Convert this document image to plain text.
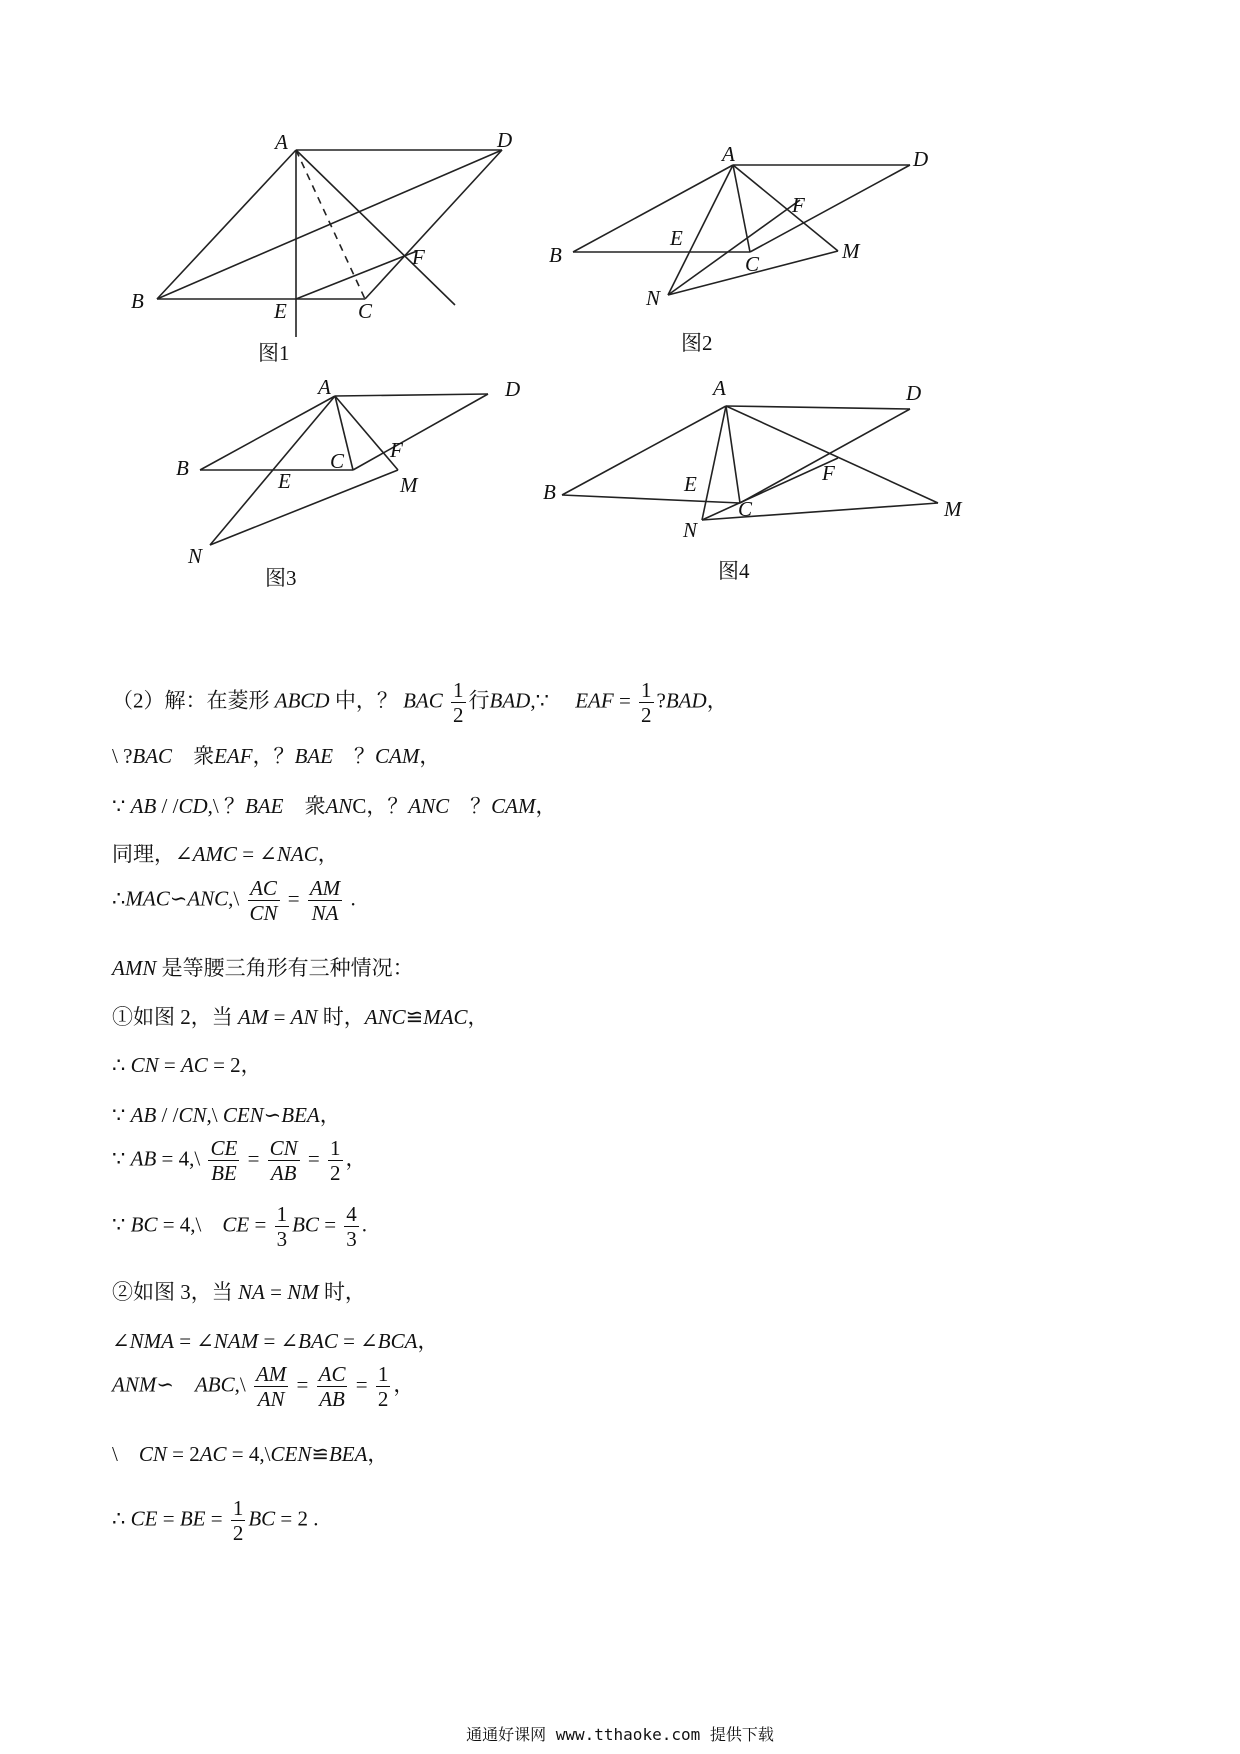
A	D
B	E	C
F
图1
A	D
B
E
F
C
M
N
图2
A	D
B	C F
E	M
N
图3
A	D
B	E	F
C	M
N
图4
（2）解：在菱形 ABCD 中，？ BAC $\frac{1}{2}$ 行BAD,∵　 EAF = $\frac{1}{2}$ ?BAD，
\ ?BAC　衆EAF，？BAE　？CAM，
∵ AB / /CD,\ ？BAE　衆ANC，？ANC　？CAM，
同理，∠AMC = ∠NAC，
∴MAC∽ANC,\ $\frac{AC}{CN} = \frac{AM}{NA}$ .
AMN 是等腰三角形有三种情况：
①如图 2，当 AM = AN 时，ANC≌MAC，
∴ CN = AC = 2，
∵ AB / /CN,\ CEN∽BEA，
∵ AB = 4,\ $\frac{CE}{BE} = \frac{CN}{AB} = \frac{1}{2}$ ，
∵ BC = 4,\　CE = $\frac{1}{3}$ BC = $\frac{4}{3}$ .
②如图 3，当 NA = NM 时，
∠NMA = ∠NAM = ∠BAC = ∠BCA，
ANM∽　ABC,\ $\frac{AM}{AN} = \frac{AC}{AB} = \frac{1}{2}$ ，
\　CN = 2AC = 4,\CEN≌BEA，
∴ CE = BE = $\frac{1}{2}$ BC = 2 .
通通好课网 www.tthaoke.com 提供下载
